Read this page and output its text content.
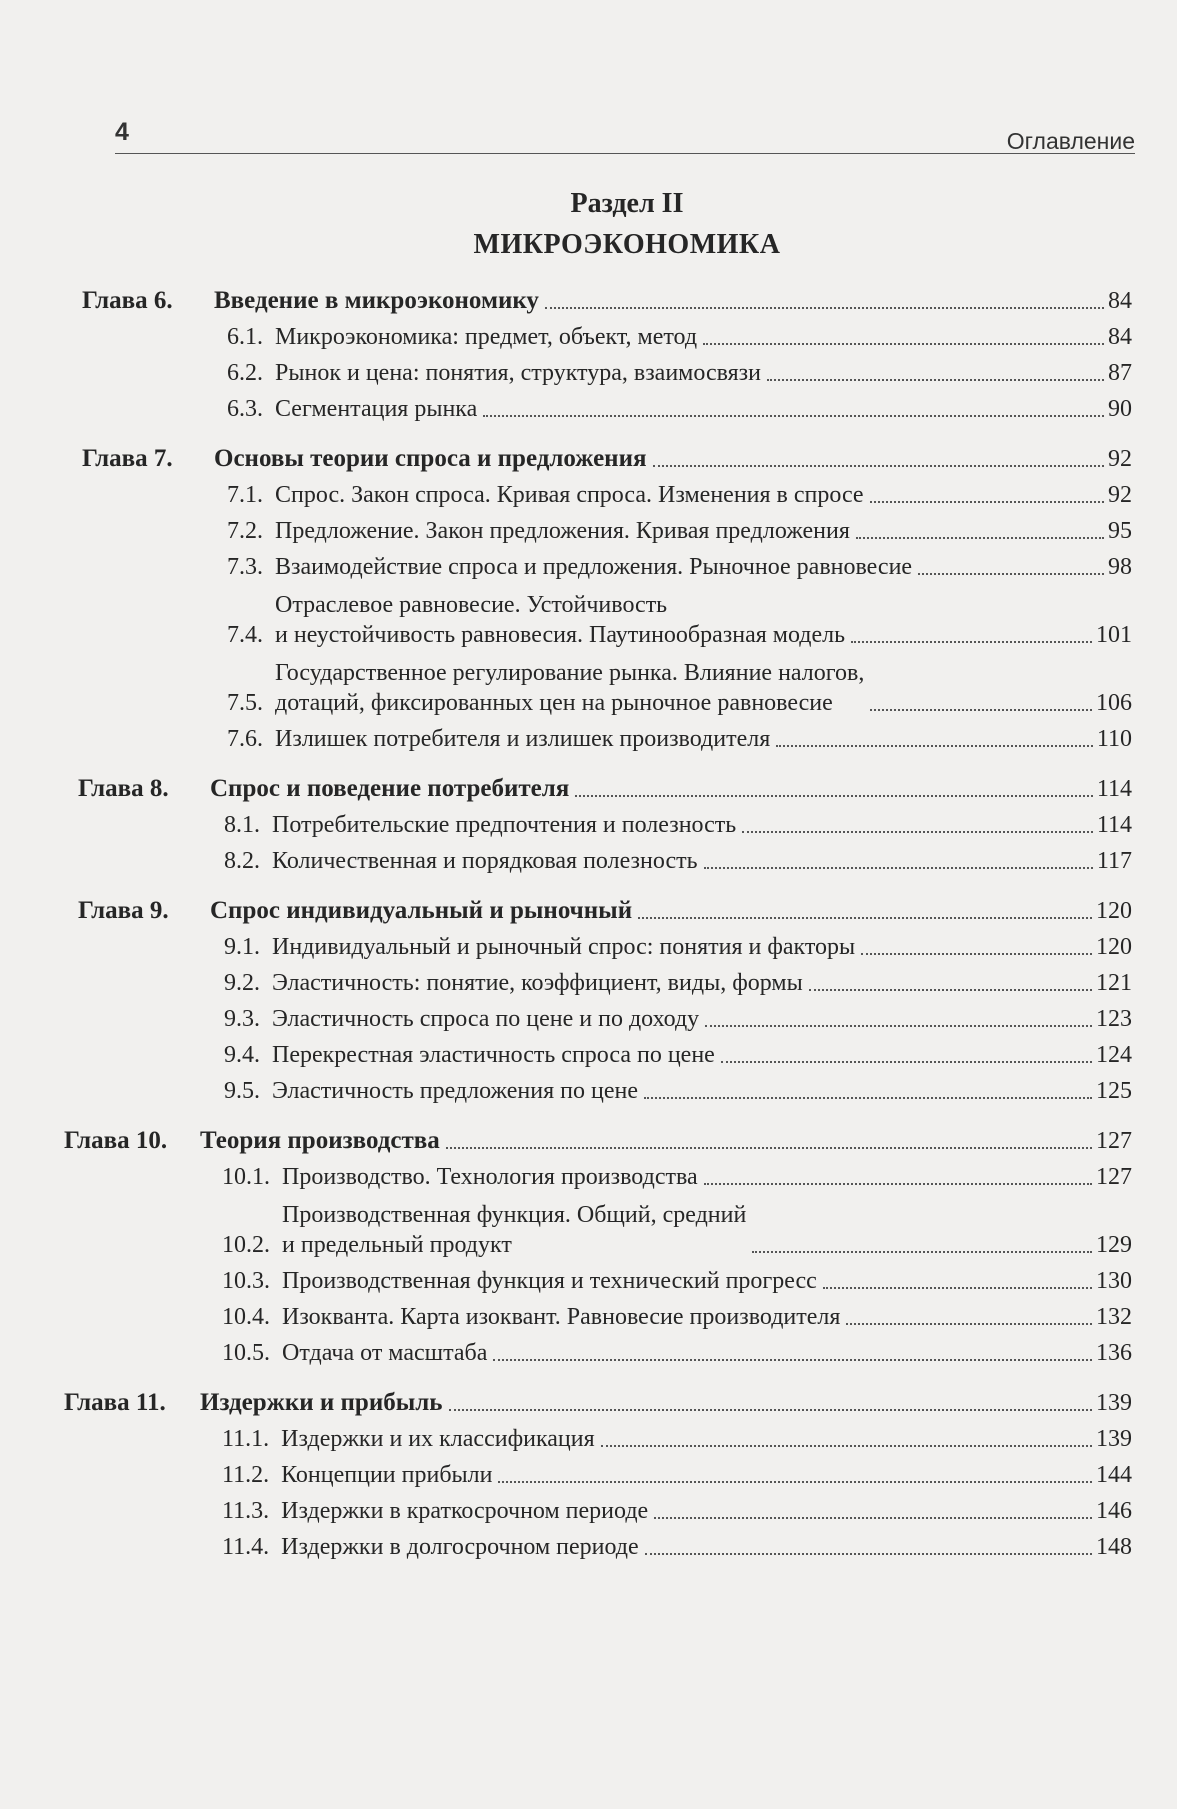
4	Оглавление
Раздел II
МИКРОЭКОНОМИКА
Глава 6.	Введение в микроэкономику	84
6.1. Микроэкономика: предмет, объект, метод	84
6.2. Рынок и цена: понятия, структура, взаимосвязи	87
6.3. Сегментация рынка	90
Глава 7.	Основы теории спроса и предложения	92
7.1. Спрос. Закон спроса. Кривая спроса. Изменения в спросе	92
7.2. Предложение. Закон предложения. Кривая предложения	95
7.3. Взаимодействие спроса и предложения. Рыночное равновесие	98
7.4.
Отраслевое равновесие. Устойчивость
и неустойчивость равновесия. Паутинообразная модель	101
7.5.
Государственное регулирование рынка. Влияние налогов,
дотаций, фиксированных цен на рыночное равновесие	106
7.6. Излишек потребителя и излишек производителя	110
Глава 8.	Спрос и поведение потребителя	114
8.1. Потребительские предпочтения и полезность	114
8.2. Количественная и порядковая полезность	117
Глава 9.	Спрос индивидуальный и рыночный	120
9.1. Индивидуальный и рыночный спрос: понятия и факторы	120
9.2. Эластичность: понятие, коэффициент, виды, формы	121
9.3. Эластичность спроса по цене и по доходу	123
9.4. Перекрестная эластичность спроса по цене	124
9.5. Эластичность предложения по цене	125
Глава 10.	Теория производства	127
10.1. Производство. Технология производства	127
10.2.
Производственная функция. Общий, средний
и предельный продукт	129
10.3. Производственная функция и технический прогресс	130
10.4. Изокванта. Карта изоквант. Равновесие производителя	132
10.5. Отдача от масштаба	136
Глава 11.	Издержки и прибыль	139
11.1. Издержки и их классификация	139
11.2. Концепции прибыли	144
11.3. Издержки в краткосрочном периоде	146
11.4. Издержки в долгосрочном периоде	148
